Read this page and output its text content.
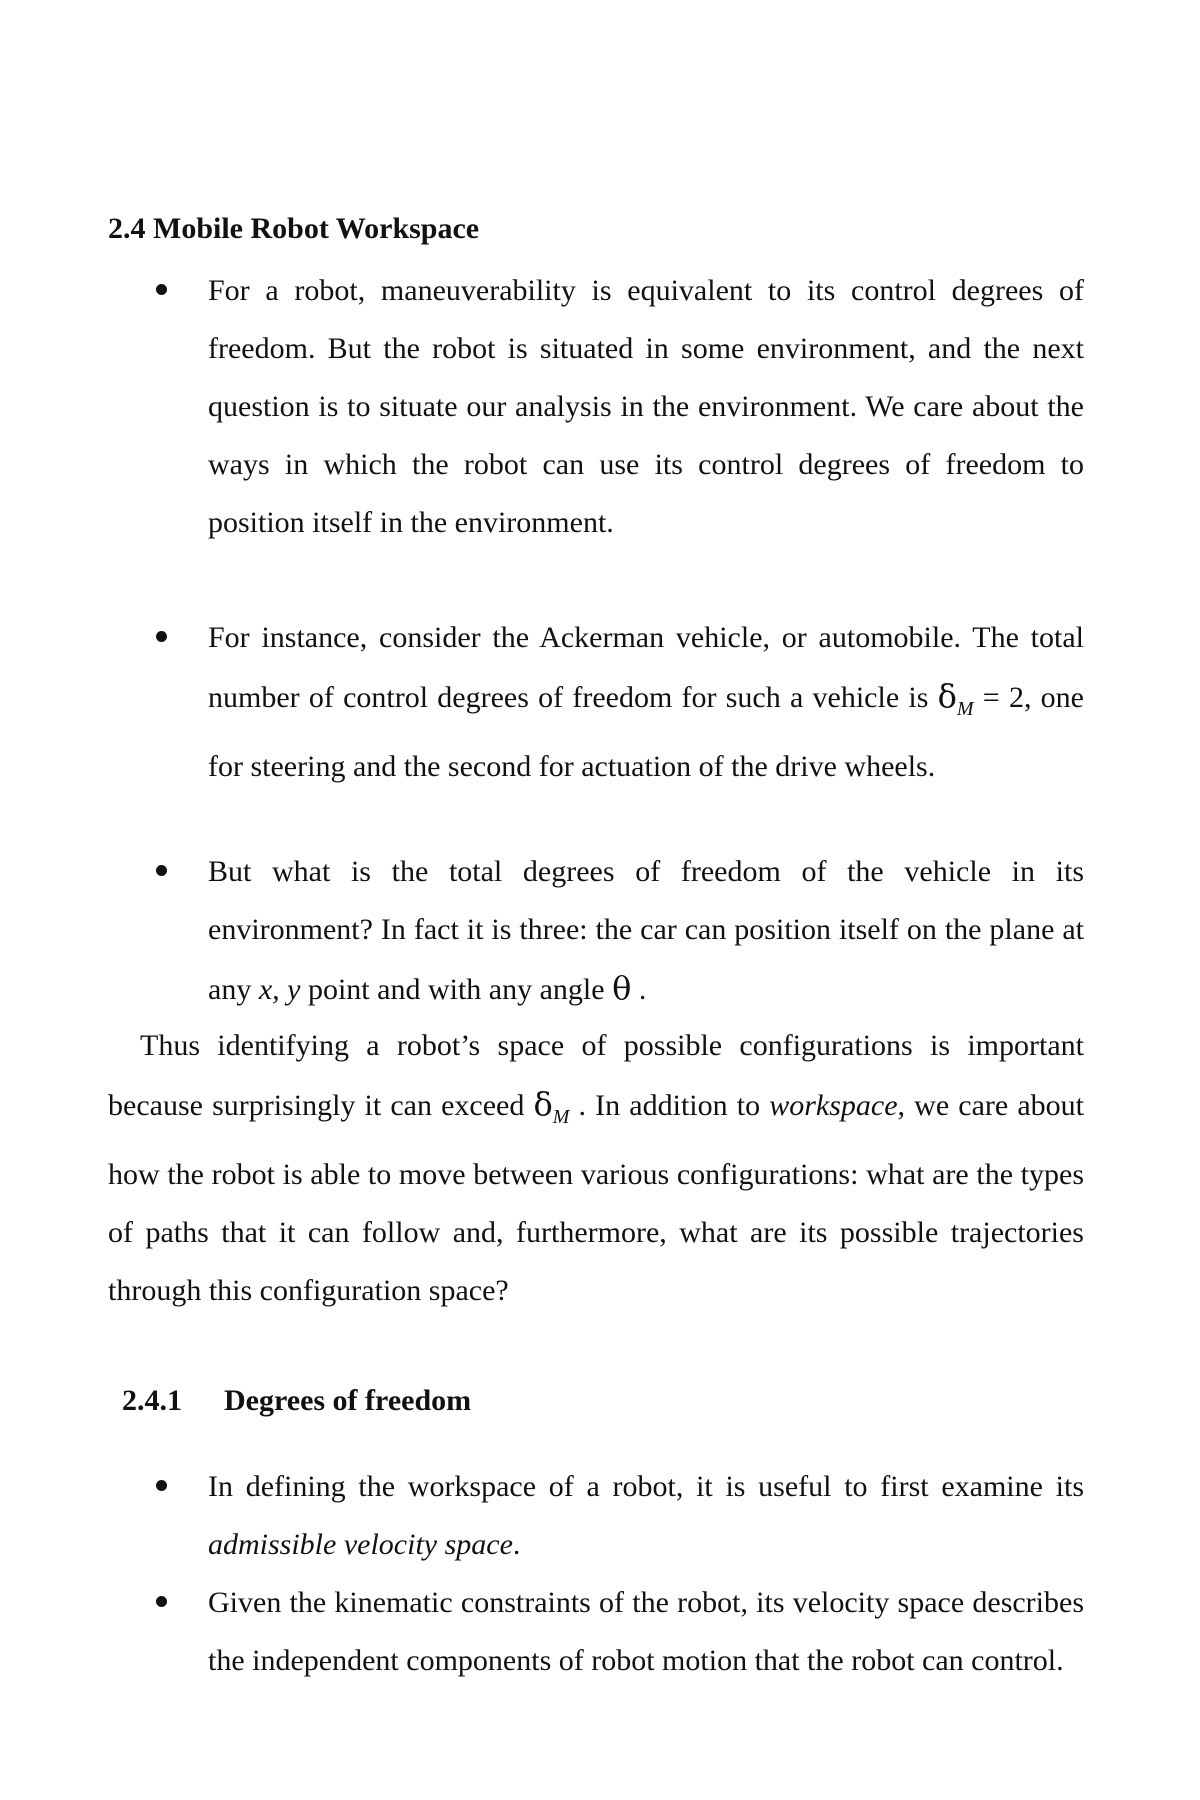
2.4 Mobile Robot Workspace
For a robot, maneuverability is equivalent to its control degrees of freedom. But the robot is situated in some environment, and the next question is to situate our analysis in the environment. We care about the ways in which the robot can use its control degrees of freedom to position itself in the environment.
For instance, consider the Ackerman vehicle, or automobile. The total number of control degrees of freedom for such a vehicle is $\delta_M = 2$, one for steering and the second for actuation of the drive wheels.
But what is the total degrees of freedom of the vehicle in its environment? In fact it is three: the car can position itself on the plane at any x, y point and with any angle θ .
Thus identifying a robot’s space of possible configurations is important because surprisingly it can exceed $\delta_M$ . In addition to workspace, we care about how the robot is able to move between various configurations: what are the types of paths that it can follow and, furthermore, what are its possible trajectories through this configuration space?
2.4.1 Degrees of freedom
In defining the workspace of a robot, it is useful to first examine its admissible velocity space.
Given the kinematic constraints of the robot, its velocity space describes the independent components of robot motion that the robot can control.
